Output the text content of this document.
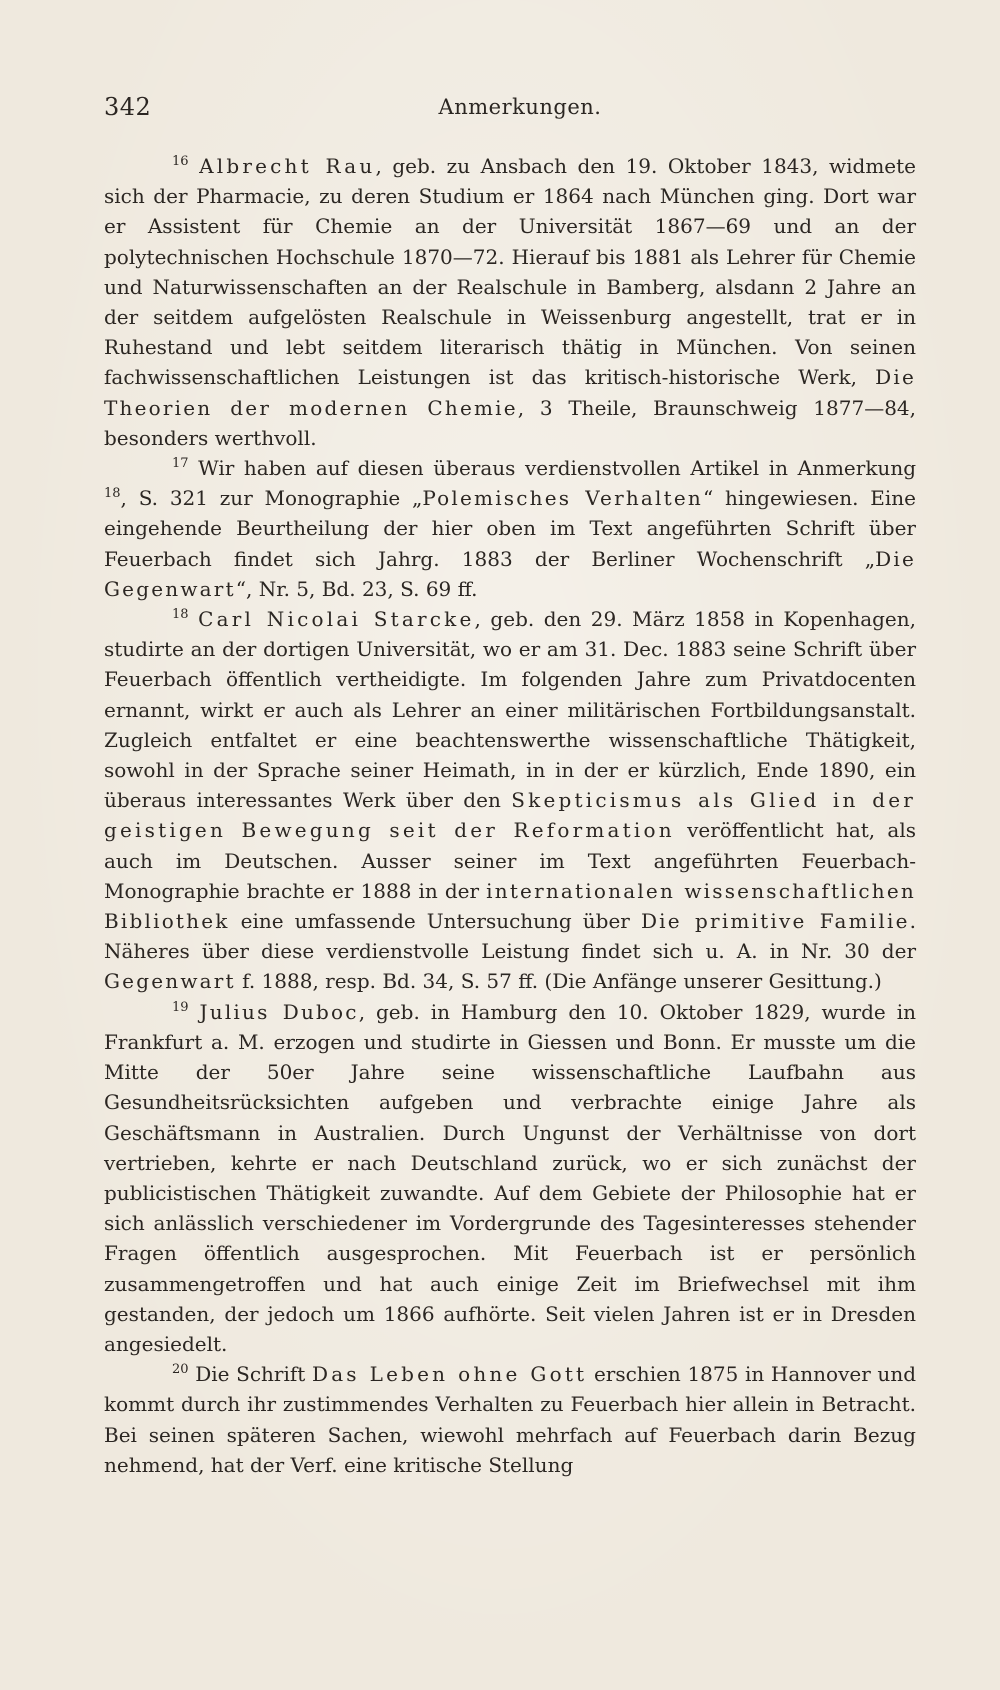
342	Anmerkungen.

$^{16}$ Albrecht Rau, geb. zu Ansbach den 19. Oktober 1843, widmete sich der Pharmacie, zu deren Studium er 1864 nach München ging. Dort war er Assistent für Chemie an der Universität 1867—69 und an der polytechnischen Hochschule 1870—72. Hierauf bis 1881 als Lehrer für Chemie und Naturwissenschaften an der Realschule in Bamberg, alsdann 2 Jahre an der seitdem aufgelösten Realschule in Weissenburg angestellt, trat er in Ruhestand und lebt seitdem literarisch thätig in München. Von seinen fachwissenschaftlichen Leistungen ist das kritisch-historische Werk, Die Theorien der modernen Chemie, 3 Theile, Braunschweig 1877—84, besonders werthvoll.

$^{17}$ Wir haben auf diesen überaus verdienstvollen Artikel in Anmerkung $^{18}$, S. 321 zur Monographie „Polemisches Verhalten“ hingewiesen. Eine eingehende Beurtheilung der hier oben im Text angeführten Schrift über Feuerbach findet sich Jahrg. 1883 der Berliner Wochenschrift „Die Gegenwart“, Nr. 5, Bd. 23, S. 69 ff.

$^{18}$ Carl Nicolai Starcke, geb. den 29. März 1858 in Kopenhagen, studirte an der dortigen Universität, wo er am 31. Dec. 1883 seine Schrift über Feuerbach öffentlich vertheidigte. Im folgenden Jahre zum Privatdocenten ernannt, wirkt er auch als Lehrer an einer militärischen Fortbildungsanstalt. Zugleich entfaltet er eine beachtenswerthe wissenschaftliche Thätigkeit, sowohl in der Sprache seiner Heimath, in in der er kürzlich, Ende 1890, ein überaus interessantes Werk über den Skepticismus als Glied in der geistigen Bewegung seit der Reformation veröffentlicht hat, als auch im Deutschen. Ausser seiner im Text angeführten Feuerbach-Monographie brachte er 1888 in der internationalen wissenschaftlichen Bibliothek eine umfassende Untersuchung über Die primitive Familie. Näheres über diese verdienstvolle Leistung findet sich u. A. in Nr. 30 der Gegenwart f. 1888, resp. Bd. 34, S. 57 ff. (Die Anfänge unserer Gesittung.)

$^{19}$ Julius Duboc, geb. in Hamburg den 10. Oktober 1829, wurde in Frankfurt a. M. erzogen und studirte in Giessen und Bonn. Er musste um die Mitte der 50er Jahre seine wissenschaftliche Laufbahn aus Gesundheitsrücksichten aufgeben und verbrachte einige Jahre als Geschäftsmann in Australien. Durch Ungunst der Verhältnisse von dort vertrieben, kehrte er nach Deutschland zurück, wo er sich zunächst der publicistischen Thätigkeit zuwandte. Auf dem Gebiete der Philosophie hat er sich anlässlich verschiedener im Vordergrunde des Tagesinteresses stehender Fragen öffentlich ausgesprochen. Mit Feuerbach ist er persönlich zusammengetroffen und hat auch einige Zeit im Briefwechsel mit ihm gestanden, der jedoch um 1866 aufhörte. Seit vielen Jahren ist er in Dresden angesiedelt.

$^{20}$ Die Schrift Das Leben ohne Gott erschien 1875 in Hannover und kommt durch ihr zustimmendes Verhalten zu Feuerbach hier allein in Betracht. Bei seinen späteren Sachen, wiewohl mehrfach auf Feuerbach darin Bezug nehmend, hat der Verf. eine kritische Stellung
